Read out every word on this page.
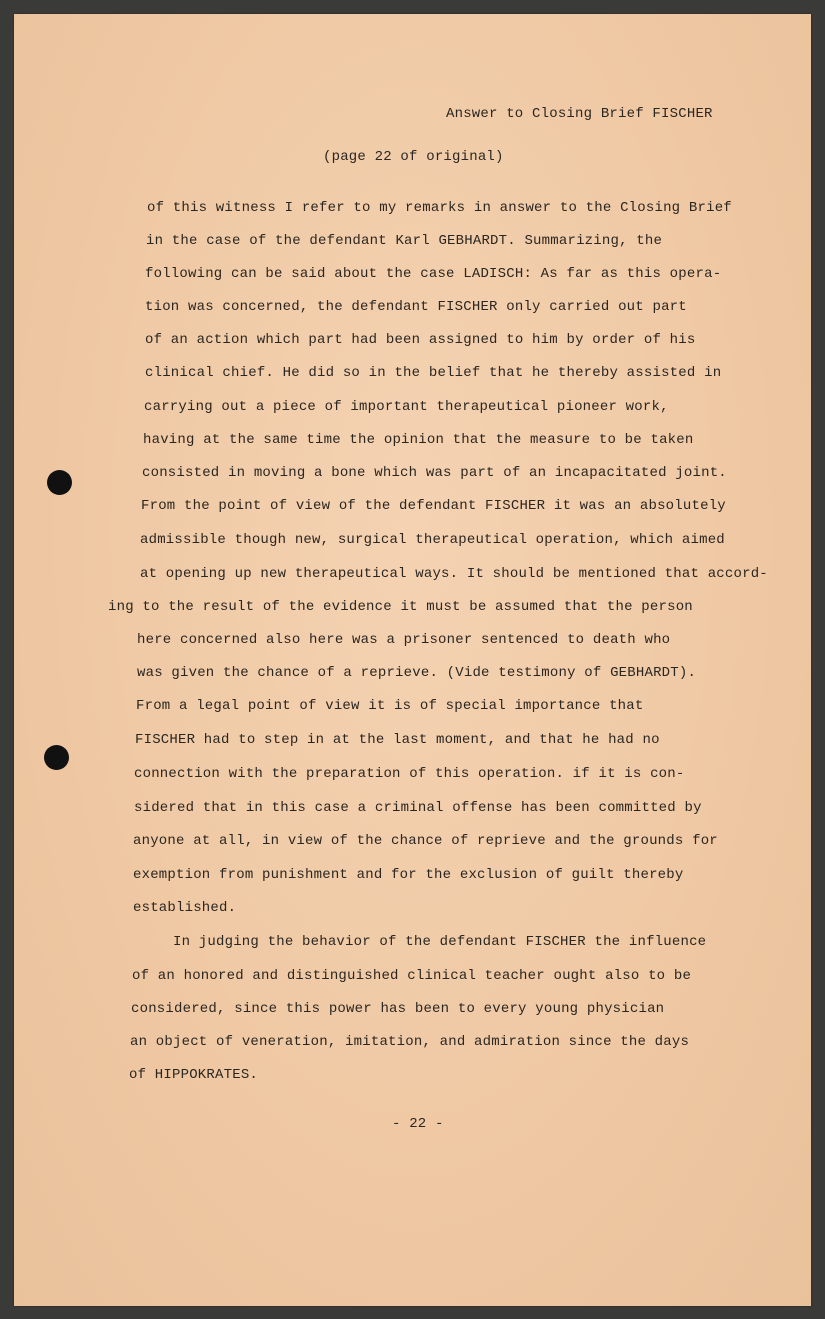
Answer to Closing Brief FISCHER
(page 22 of original)
of this witness I refer to my remarks in answer to the Closing Brief
in the case of the defendant Karl GEBHARDT. Summarizing, the
following can be said about the case LADISCH: As far as this opera-
tion was concerned, the defendant FISCHER only carried out part
of an action which part had been assigned to him by order of his
clinical chief. He did so in the belief that he thereby assisted in
carrying out a piece of important therapeutical pioneer work,
having at the same time the opinion that the measure to be taken
consisted in moving a bone which was part of an incapacitated joint.
From the point of view of the defendant FISCHER it was an absolutely
admissible though new, surgical therapeutical operation, which aimed
at opening up new therapeutical ways. It should be mentioned that accord-
ing to the result of the evidence it must be assumed that the person
here concerned also here was a prisoner sentenced to death who
was given the chance of a reprieve. (Vide testimony of GEBHARDT).
From a legal point of view it is of special importance that
FISCHER had to step in at the last moment, and that he had no
connection with the preparation of this operation. if it is con-
sidered that in this case a criminal offense has been committed by
anyone at all, in view of the chance of reprieve and the grounds for
exemption from punishment and for the exclusion of guilt thereby
established.
In judging the behavior of the defendant FISCHER the influence
of an honored and distinguished clinical teacher ought also to be
considered, since this power has been to every young physician
an object of veneration, imitation, and admiration since the days
of HIPPOKRATES.
- 22 -
